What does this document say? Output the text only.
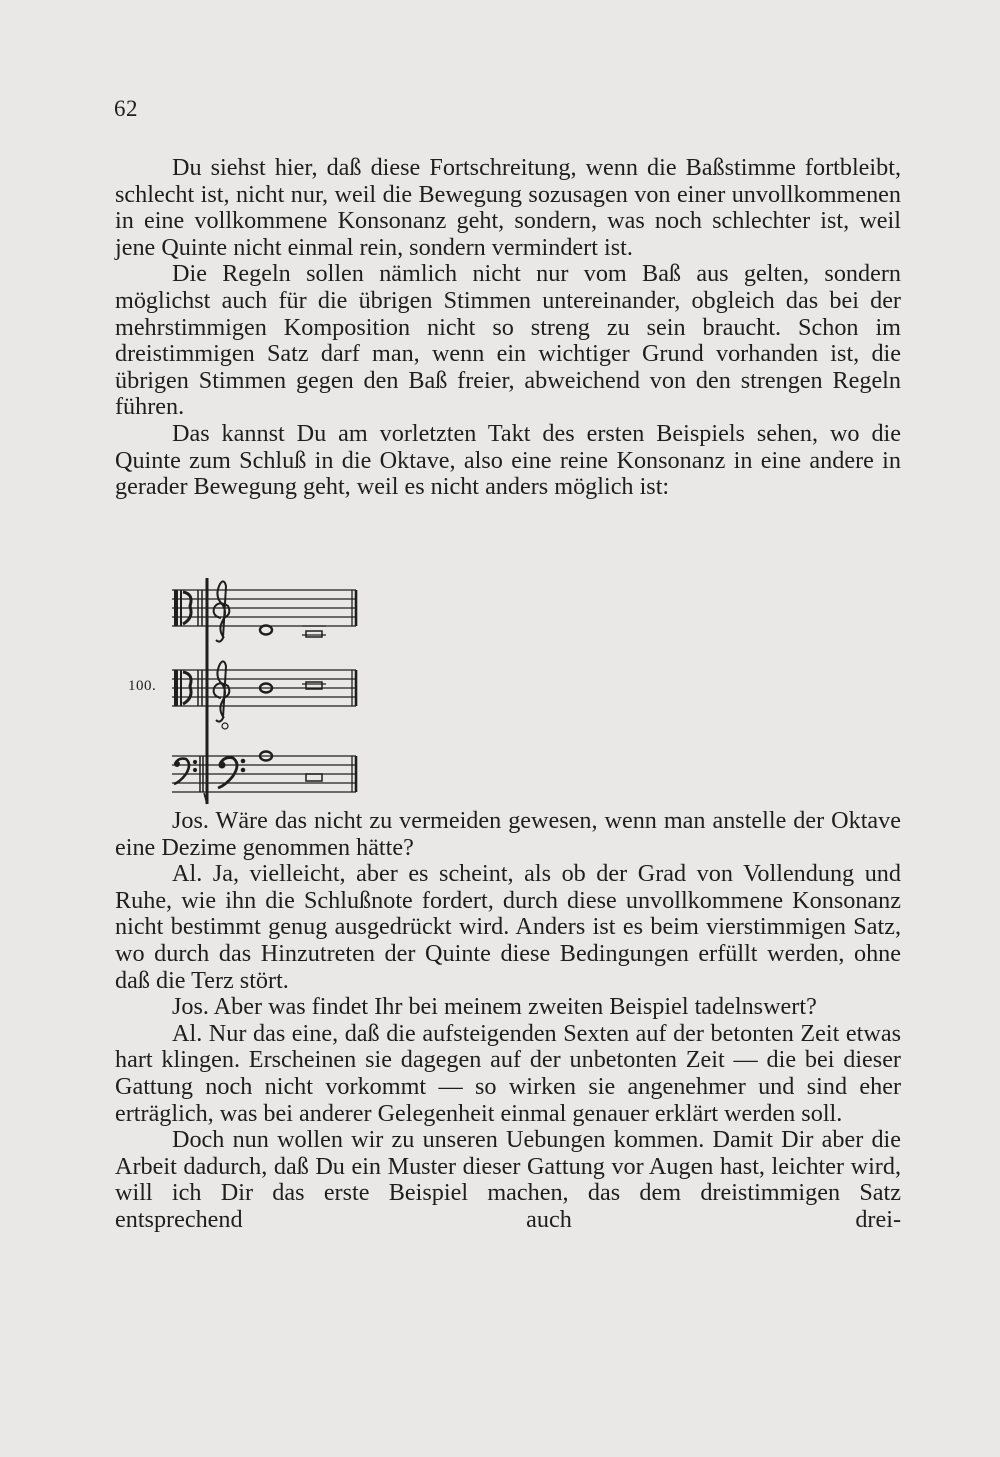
62

Du siehst hier, daß diese Fortschreitung, wenn die Baßstimme fortbleibt, schlecht ist, nicht nur, weil die Bewegung sozusagen von einer unvollkommenen in eine vollkommene Konsonanz geht, sondern, was noch schlechter ist, weil jene Quinte nicht einmal rein, sondern vermindert ist.

Die Regeln sollen nämlich nicht nur vom Baß aus gelten, sondern möglichst auch für die übrigen Stimmen untereinander, obgleich das bei der mehrstimmigen Komposition nicht so streng zu sein braucht. Schon im dreistimmigen Satz darf man, wenn ein wichtiger Grund vorhanden ist, die übrigen Stimmen gegen den Baß freier, abweichend von den strengen Regeln führen.

Das kannst Du am vorletzten Takt des ersten Beispiels sehen, wo die Quinte zum Schluß in die Oktave, also eine reine Konsonanz in eine andere in gerader Bewegung geht, weil es nicht anders möglich ist:

100.

Jos. Wäre das nicht zu vermeiden gewesen, wenn man anstelle der Oktave eine Dezime genommen hätte?

Al. Ja, vielleicht, aber es scheint, als ob der Grad von Vollendung und Ruhe, wie ihn die Schlußnote fordert, durch diese unvollkommene Konsonanz nicht bestimmt genug ausgedrückt wird. Anders ist es beim vierstimmigen Satz, wo durch das Hinzutreten der Quinte diese Bedingungen erfüllt werden, ohne daß die Terz stört.

Jos. Aber was findet Ihr bei meinem zweiten Beispiel tadelnswert?

Al. Nur das eine, daß die aufsteigenden Sexten auf der betonten Zeit etwas hart klingen. Erscheinen sie dagegen auf der unbetonten Zeit — die bei dieser Gattung noch nicht vorkommt — so wirken sie angenehmer und sind eher erträglich, was bei anderer Gelegenheit einmal genauer erklärt werden soll.

Doch nun wollen wir zu unseren Uebungen kommen. Damit Dir aber die Arbeit dadurch, daß Du ein Muster dieser Gattung vor Augen hast, leichter wird, will ich Dir das erste Beispiel machen, das dem dreistimmigen Satz entsprechend auch drei-
